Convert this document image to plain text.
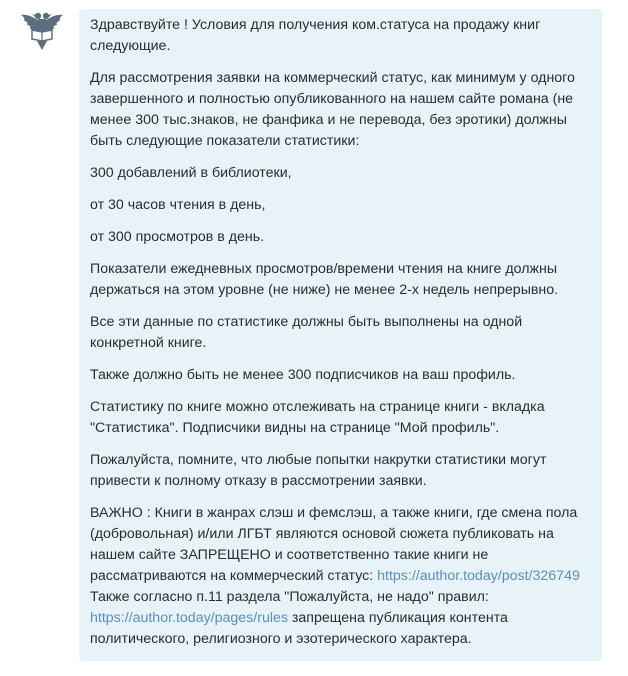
Здравствуйте ! Условия для получения ком.статуса на продажу книг следующие.

Для рассмотрения заявки на коммерческий статус, как минимум у одного завершенного и полностью опубликованного на нашем сайте романа (не менее 300 тыс.знаков, не фанфика и не перевода, без эротики) должны быть следующие показатели статистики:

300 добавлений в библиотеки,

от 30 часов чтения в день,

от 300 просмотров в день.

Показатели ежедневных просмотров/времени чтения на книге должны держаться на этом уровне (не ниже) не менее 2-х недель непрерывно.

Все эти данные по статистике должны быть выполнены на одной конкретной книге.

Также должно быть не менее 300 подписчиков на ваш профиль.

Статистику по книге можно отслеживать на странице книги - вкладка "Статистика". Подписчики видны на странице "Мой профиль".

Пожалуйста, помните, что любые попытки накрутки статистики могут привести к полному отказу в рассмотрении заявки.

ВАЖНО : Книги в жанрах слэш и фемслэш, а также книги, где смена пола (добровольная) и/или ЛГБТ являются основой сюжета публиковать на нашем сайте ЗАПРЕЩЕНО и соответственно такие книги не рассматриваются на коммерческий статус: https://author.today/post/326749
Также согласно п.11 раздела "Пожалуйста, не надо" правил: https://author.today/pages/rules запрещена публикация контента политического, религиозного и эзотерического характера.
